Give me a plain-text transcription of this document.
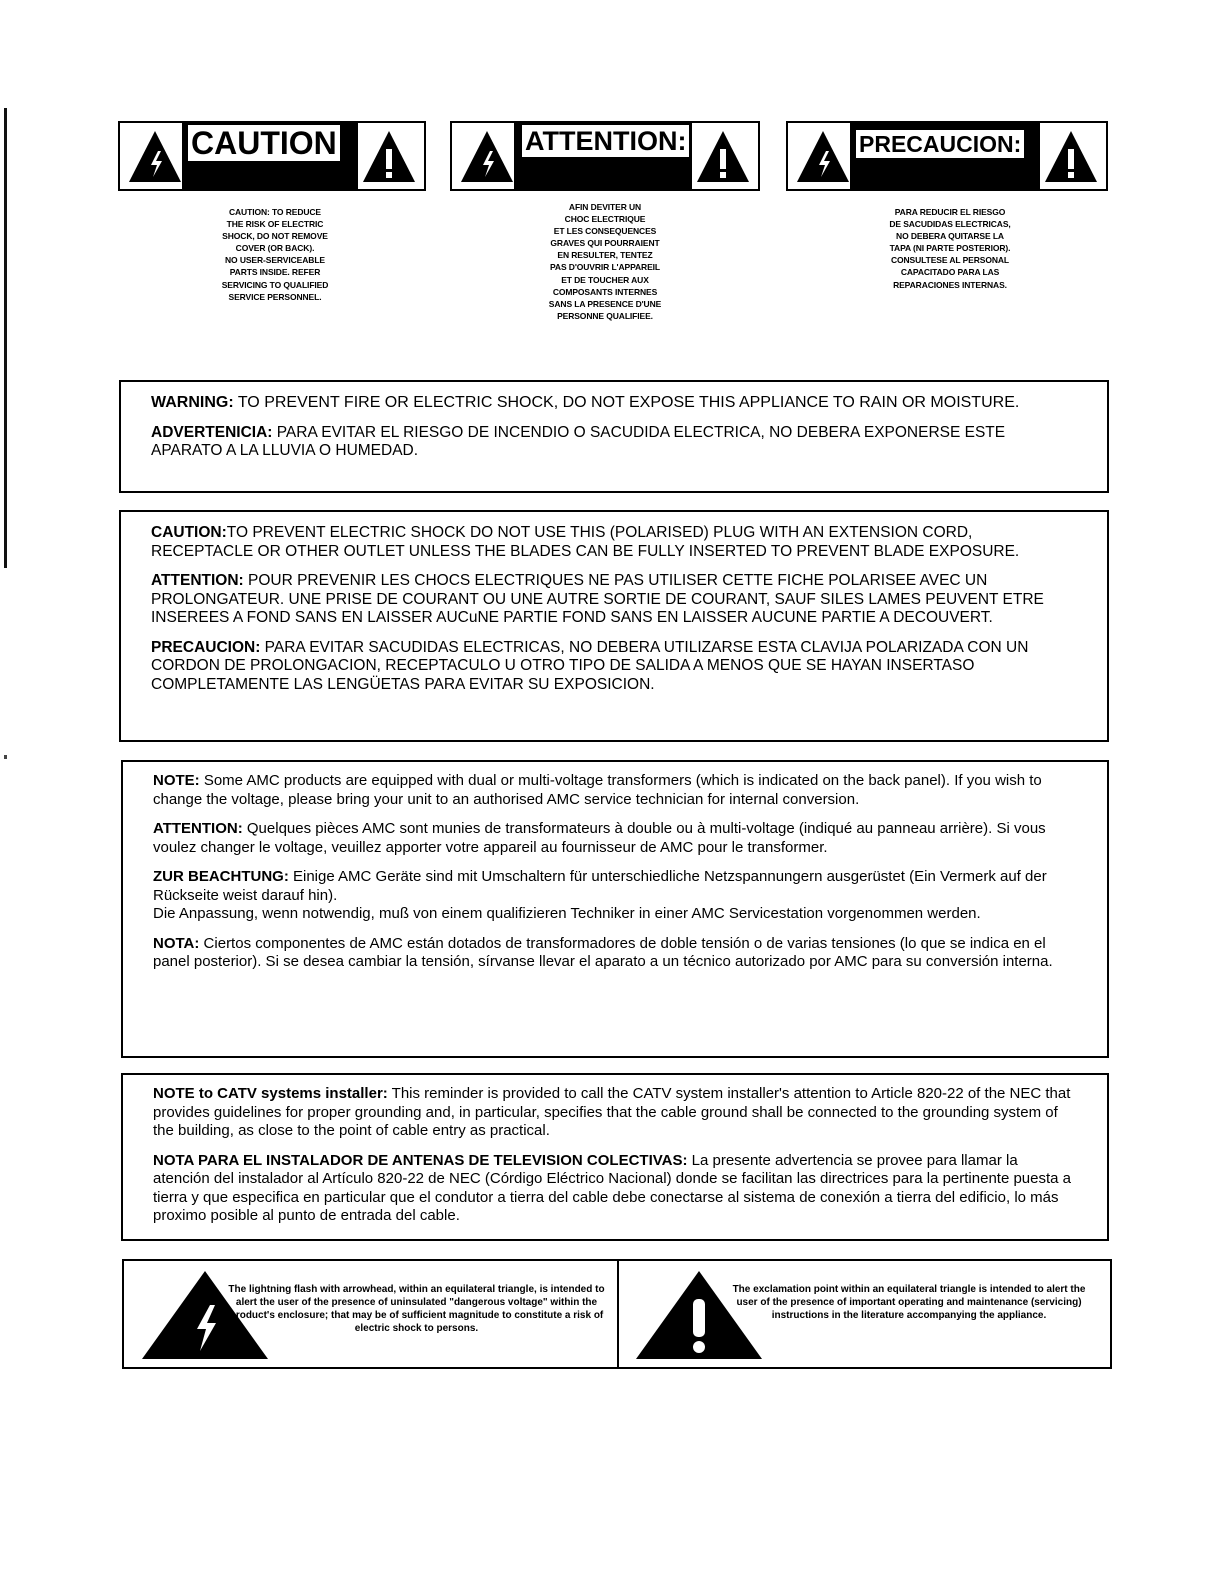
CAUTION
CAUTION: TO REDUCE
THE RISK OF ELECTRIC
SHOCK, DO NOT REMOVE
COVER (OR BACK).
NO USER-SERVICEABLE
PARTS INSIDE. REFER
SERVICING TO QUALIFIED
SERVICE PERSONNEL.
ATTENTION:
AFIN DEVITER UN
CHOC ELECTRIQUE
ET LES CONSEQUENCES
GRAVES QUI POURRAIENT
EN RESULTER, TENTEZ
PAS D'OUVRIR L'APPAREIL
ET DE TOUCHER AUX
COMPOSANTS INTERNES
SANS LA PRESENCE D'UNE
PERSONNE QUALIFIEE.
PRECAUCION:
PARA REDUCIR EL RIESGO
DE SACUDIDAS ELECTRICAS,
NO DEBERA QUITARSE LA
TAPA (NI PARTE POSTERIOR).
CONSULTESE AL PERSONAL
CAPACITADO PARA LAS
REPARACIONES INTERNAS.

WARNING: TO PREVENT FIRE OR ELECTRIC SHOCK, DO NOT EXPOSE THIS APPLIANCE TO RAIN OR MOISTURE.

ADVERTENICIA: PARA EVITAR EL RIESGO DE INCENDIO O SACUDIDA ELECTRICA, NO DEBERA EXPONERSE ESTE APARATO A LA LLUVIA O HUMEDAD.

CAUTION:TO PREVENT ELECTRIC SHOCK DO NOT USE THIS (POLARISED) PLUG WITH AN EXTENSION CORD, RECEPTACLE OR OTHER OUTLET UNLESS THE BLADES CAN BE FULLY INSERTED TO PREVENT BLADE EXPOSURE.

ATTENTION: POUR PREVENIR LES CHOCS ELECTRIQUES NE PAS UTILISER CETTE FICHE POLARISEE AVEC UN PROLONGATEUR. UNE PRISE DE COURANT OU UNE AUTRE SORTIE DE COURANT, SAUF SILES LAMES PEUVENT ETRE INSEREES A FOND SANS EN LAISSER AUCuNE PARTIE FOND SANS EN LAISSER AUCUNE PARTIE A DECOUVERT.

PRECAUCION: PARA EVITAR SACUDIDAS ELECTRICAS, NO DEBERA UTILIZARSE ESTA CLAVIJA POLARIZADA CON UN CORDON DE PROLONGACION, RECEPTACULO U OTRO TIPO DE SALIDA A MENOS QUE SE HAYAN INSERTASO COMPLETAMENTE LAS LENGÜETAS PARA EVITAR SU EXPOSICION.

NOTE: Some AMC products are equipped with dual or multi-voltage transformers (which is indicated on the back panel). If you wish to change the voltage, please bring your unit to an authorised AMC service technician for internal conversion.

ATTENTION: Quelques pièces AMC sont munies de transformateurs à double ou à multi-voltage (indiqué au panneau arrière). Si vous voulez changer le voltage, veuillez apporter votre appareil au fournisseur de AMC pour le transformer.

ZUR BEACHTUNG: Einige AMC Geräte sind mit Umschaltern für unterschiedliche Netzspannungern ausgerüstet (Ein Vermerk auf der Rückseite weist darauf hin).

Die Anpassung, wenn notwendig, muß von einem qualifizieren Techniker in einer AMC Servicestation vorgenommen werden.

NOTA: Ciertos componentes de AMC están dotados de transformadores de doble tensión o de varias tensiones (lo que se indica en el panel posterior). Si se desea cambiar la tensión, sírvanse llevar el aparato a un técnico autorizado por AMC para su conversión interna.

NOTE to CATV systems installer: This reminder is provided to call the CATV system installer's attention to Article 820-22 of the NEC that provides guidelines for proper grounding and, in particular, specifies that the cable ground shall be connected to the grounding system of the building, as close to the point of cable entry as practical.

NOTA PARA EL INSTALADOR DE ANTENAS DE TELEVISION COLECTIVAS: La presente advertencia se provee para llamar la atención del instalador al Artículo 820-22 de NEC (Córdigo Eléctrico Nacional) donde se facilitan las directrices para la pertinente puesta a tierra y que especifica en particular que el condutor a tierra del cable debe conectarse al sistema de conexión a tierra del edificio, lo más proximo posible al punto de entrada del cable.

The lightning flash with arrowhead, within an equilateral triangle, is intended to alert the user of the presence of uninsulated "dangerous voltage" within the product's enclosure; that may be of sufficient magnitude to constitute a risk of electric shock to persons.
The exclamation point within an equilateral triangle is intended to alert the user of the presence of important operating and maintenance (servicing) instructions in the literature accompanying the appliance.
